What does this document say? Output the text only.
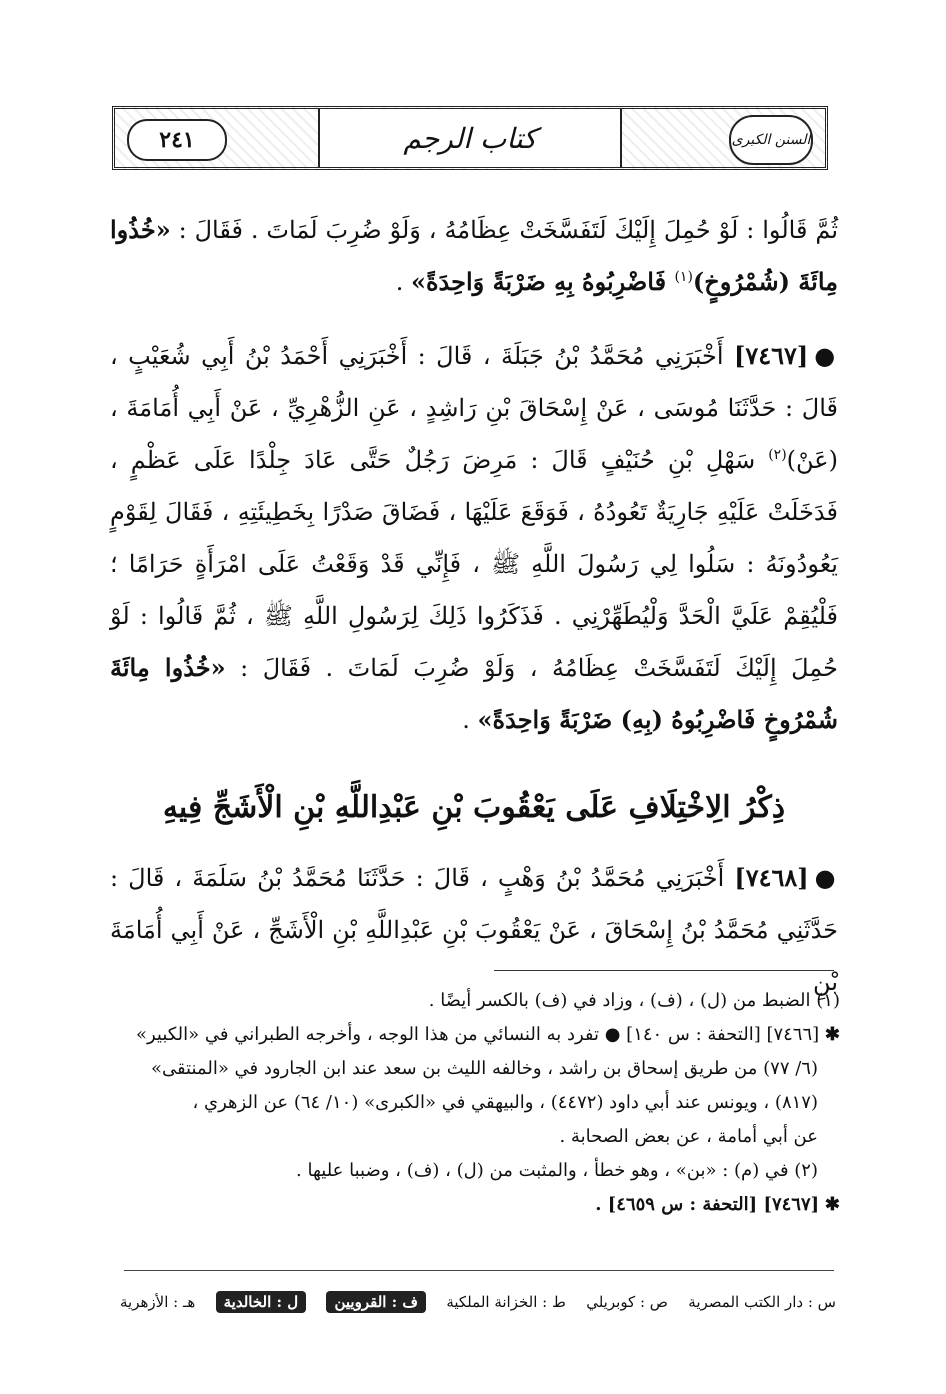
السنن الكبرى
كتاب الرجم
٢٤١
ثُمَّ قَالُوا : لَوْ حُمِلَ إِلَيْكَ لَتَفَسَّخَتْ عِظَامُهُ ، وَلَوْ ضُرِبَ لَمَاتَ . فَقَالَ : «خُذُوا مِائَةَ (شُمْرُوخٍ)$^{(١)}$ فَاضْرِبُوهُ بِهِ ضَرْبَةً وَاحِدَةً» .
●[٧٤٦٧] أَخْبَرَنِي مُحَمَّدُ بْنُ جَبَلَةَ ، قَالَ : أَخْبَرَنِي أَحْمَدُ بْنُ أَبِي شُعَيْبٍ ، قَالَ : حَدَّثَنَا مُوسَى ، عَنْ إِسْحَاقَ بْنِ رَاشِدٍ ، عَنِ الزُّهْرِيِّ ، عَنْ أَبِي أُمَامَةَ ، (عَنْ)$^{(٢)}$ سَهْلِ بْنِ حُنَيْفٍ قَالَ : مَرِضَ رَجُلٌ حَتَّى عَادَ جِلْدًا عَلَى عَظْمٍ ، فَدَخَلَتْ عَلَيْهِ جَارِيَةٌ تَعُودُهُ ، فَوَقَعَ عَلَيْهَا ، فَضَاقَ صَدْرًا بِخَطِيئَتِهِ ، فَقَالَ لِقَوْمٍ يَعُودُونَهُ : سَلُوا لِي رَسُولَ اللَّهِ ﷺ ، فَإِنِّي قَدْ وَقَعْتُ عَلَى امْرَأَةٍ حَرَامًا ؛ فَلْيُقِمْ عَلَيَّ الْحَدَّ وَلْيُطَهِّرْنِي . فَذَكَرُوا ذَلِكَ لِرَسُولِ اللَّهِ ﷺ ، ثُمَّ قَالُوا : لَوْ حُمِلَ إِلَيْكَ لَتَفَسَّخَتْ عِظَامُهُ ، وَلَوْ ضُرِبَ لَمَاتَ . فَقَالَ : «خُذُوا مِائَةَ شُمْرُوخٍ فَاضْرِبُوهُ (بِهِ) ضَرْبَةً وَاحِدَةً» .
ذِكْرُ الِاخْتِلَافِ عَلَى يَعْقُوبَ بْنِ عَبْدِاللَّهِ بْنِ الْأَشَجِّ فِيهِ
●[٧٤٦٨] أَخْبَرَنِي مُحَمَّدُ بْنُ وَهْبٍ ، قَالَ : حَدَّثَنَا مُحَمَّدُ بْنُ سَلَمَةَ ، قَالَ : حَدَّثَنِي مُحَمَّدُ بْنُ إِسْحَاقَ ، عَنْ يَعْقُوبَ بْنِ عَبْدِاللَّهِ بْنِ الْأَشَجِّ ، عَنْ أَبِي أُمَامَةَ بْنِ

(١) الضبط من (ل) ، (ف) ، وزاد في (ف) بالكسر أيضًا .

✱ [٧٤٦٦] [التحفة : س ١٤٠] ● تفرد به النسائي من هذا الوجه ، وأخرجه الطبراني في «الكبير»

(٦/ ٧٧) من طريق إسحاق بن راشد ، وخالفه الليث بن سعد عند ابن الجارود في «المنتقى»

(٨١٧) ، ويونس عند أبي داود (٤٤٧٢) ، والبيهقي في «الكبرى» (١٠/ ٦٤) عن الزهري ،

عن أبي أمامة ، عن بعض الصحابة .

(٢) في (م) : «بن» ، وهو خطأ ، والمثبت من (ل) ، (ف) ، وضببا عليها .

✱ [٧٤٦٧] [التحفة : س ٤٦٥٩] .

س : دار الكتب المصرية
ص : كوبريلي
ط : الخزانة الملكية
ف : القرويين
ل : الخالدية
هـ : الأزهرية
